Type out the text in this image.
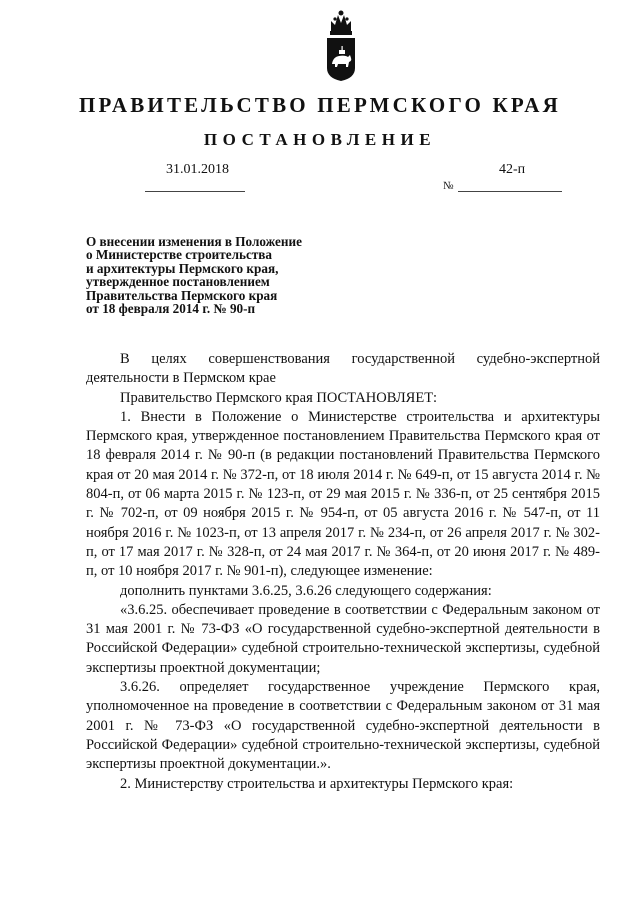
ПРАВИТЕЛЬСТВО ПЕРМСКОГО КРАЯ
ПОСТАНОВЛЕНИЕ
31.01.2018	42-п
№
О внесении изменения в Положение
о Министерстве строительства
и архитектуры Пермского края,
утвержденное постановлением
Правительства Пермского края
от 18 февраля 2014 г. № 90-п
В целях совершенствования государственной судебно-экспертной деятельности в Пермском крае
Правительство Пермского края ПОСТАНОВЛЯЕТ:
1. Внести в Положение о Министерстве строительства и архитектуры Пермского края, утвержденное постановлением Правительства Пермского края от 18 февраля 2014 г. № 90-п (в редакции постановлений Правительства Пермского края от 20 мая 2014 г. № 372-п, от 18 июля 2014 г. № 649-п, от 15 августа 2014 г. № 804-п, от 06 марта 2015 г. № 123-п, от 29 мая 2015 г. № 336-п, от 25 сентября 2015 г. № 702-п, от 09 ноября 2015 г. № 954-п, от 05 августа 2016 г. № 547-п, от 11 ноября 2016 г. № 1023-п, от 13 апреля 2017 г. № 234-п, от 26 апреля 2017 г. № 302-п, от 17 мая 2017 г. № 328-п, от 24 мая 2017 г. № 364-п, от 20 июня 2017 г. № 489-п, от 10 ноября 2017 г. № 901-п), следующее изменение:
дополнить пунктами 3.6.25, 3.6.26 следующего содержания:
«3.6.25. обеспечивает проведение в соответствии с Федеральным законом от 31 мая 2001 г. № 73-ФЗ «О государственной судебно-экспертной деятельности в Российской Федерации» судебной строительно-технической экспертизы, судебной экспертизы проектной документации;
3.6.26. определяет государственное учреждение Пермского края, уполномоченное на проведение в соответствии с Федеральным законом от 31 мая 2001 г. № 73-ФЗ «О государственной судебно-экспертной деятельности в Российской Федерации» судебной строительно-технической экспертизы, судебной экспертизы проектной документации.».
2. Министерству строительства и архитектуры Пермского края:
